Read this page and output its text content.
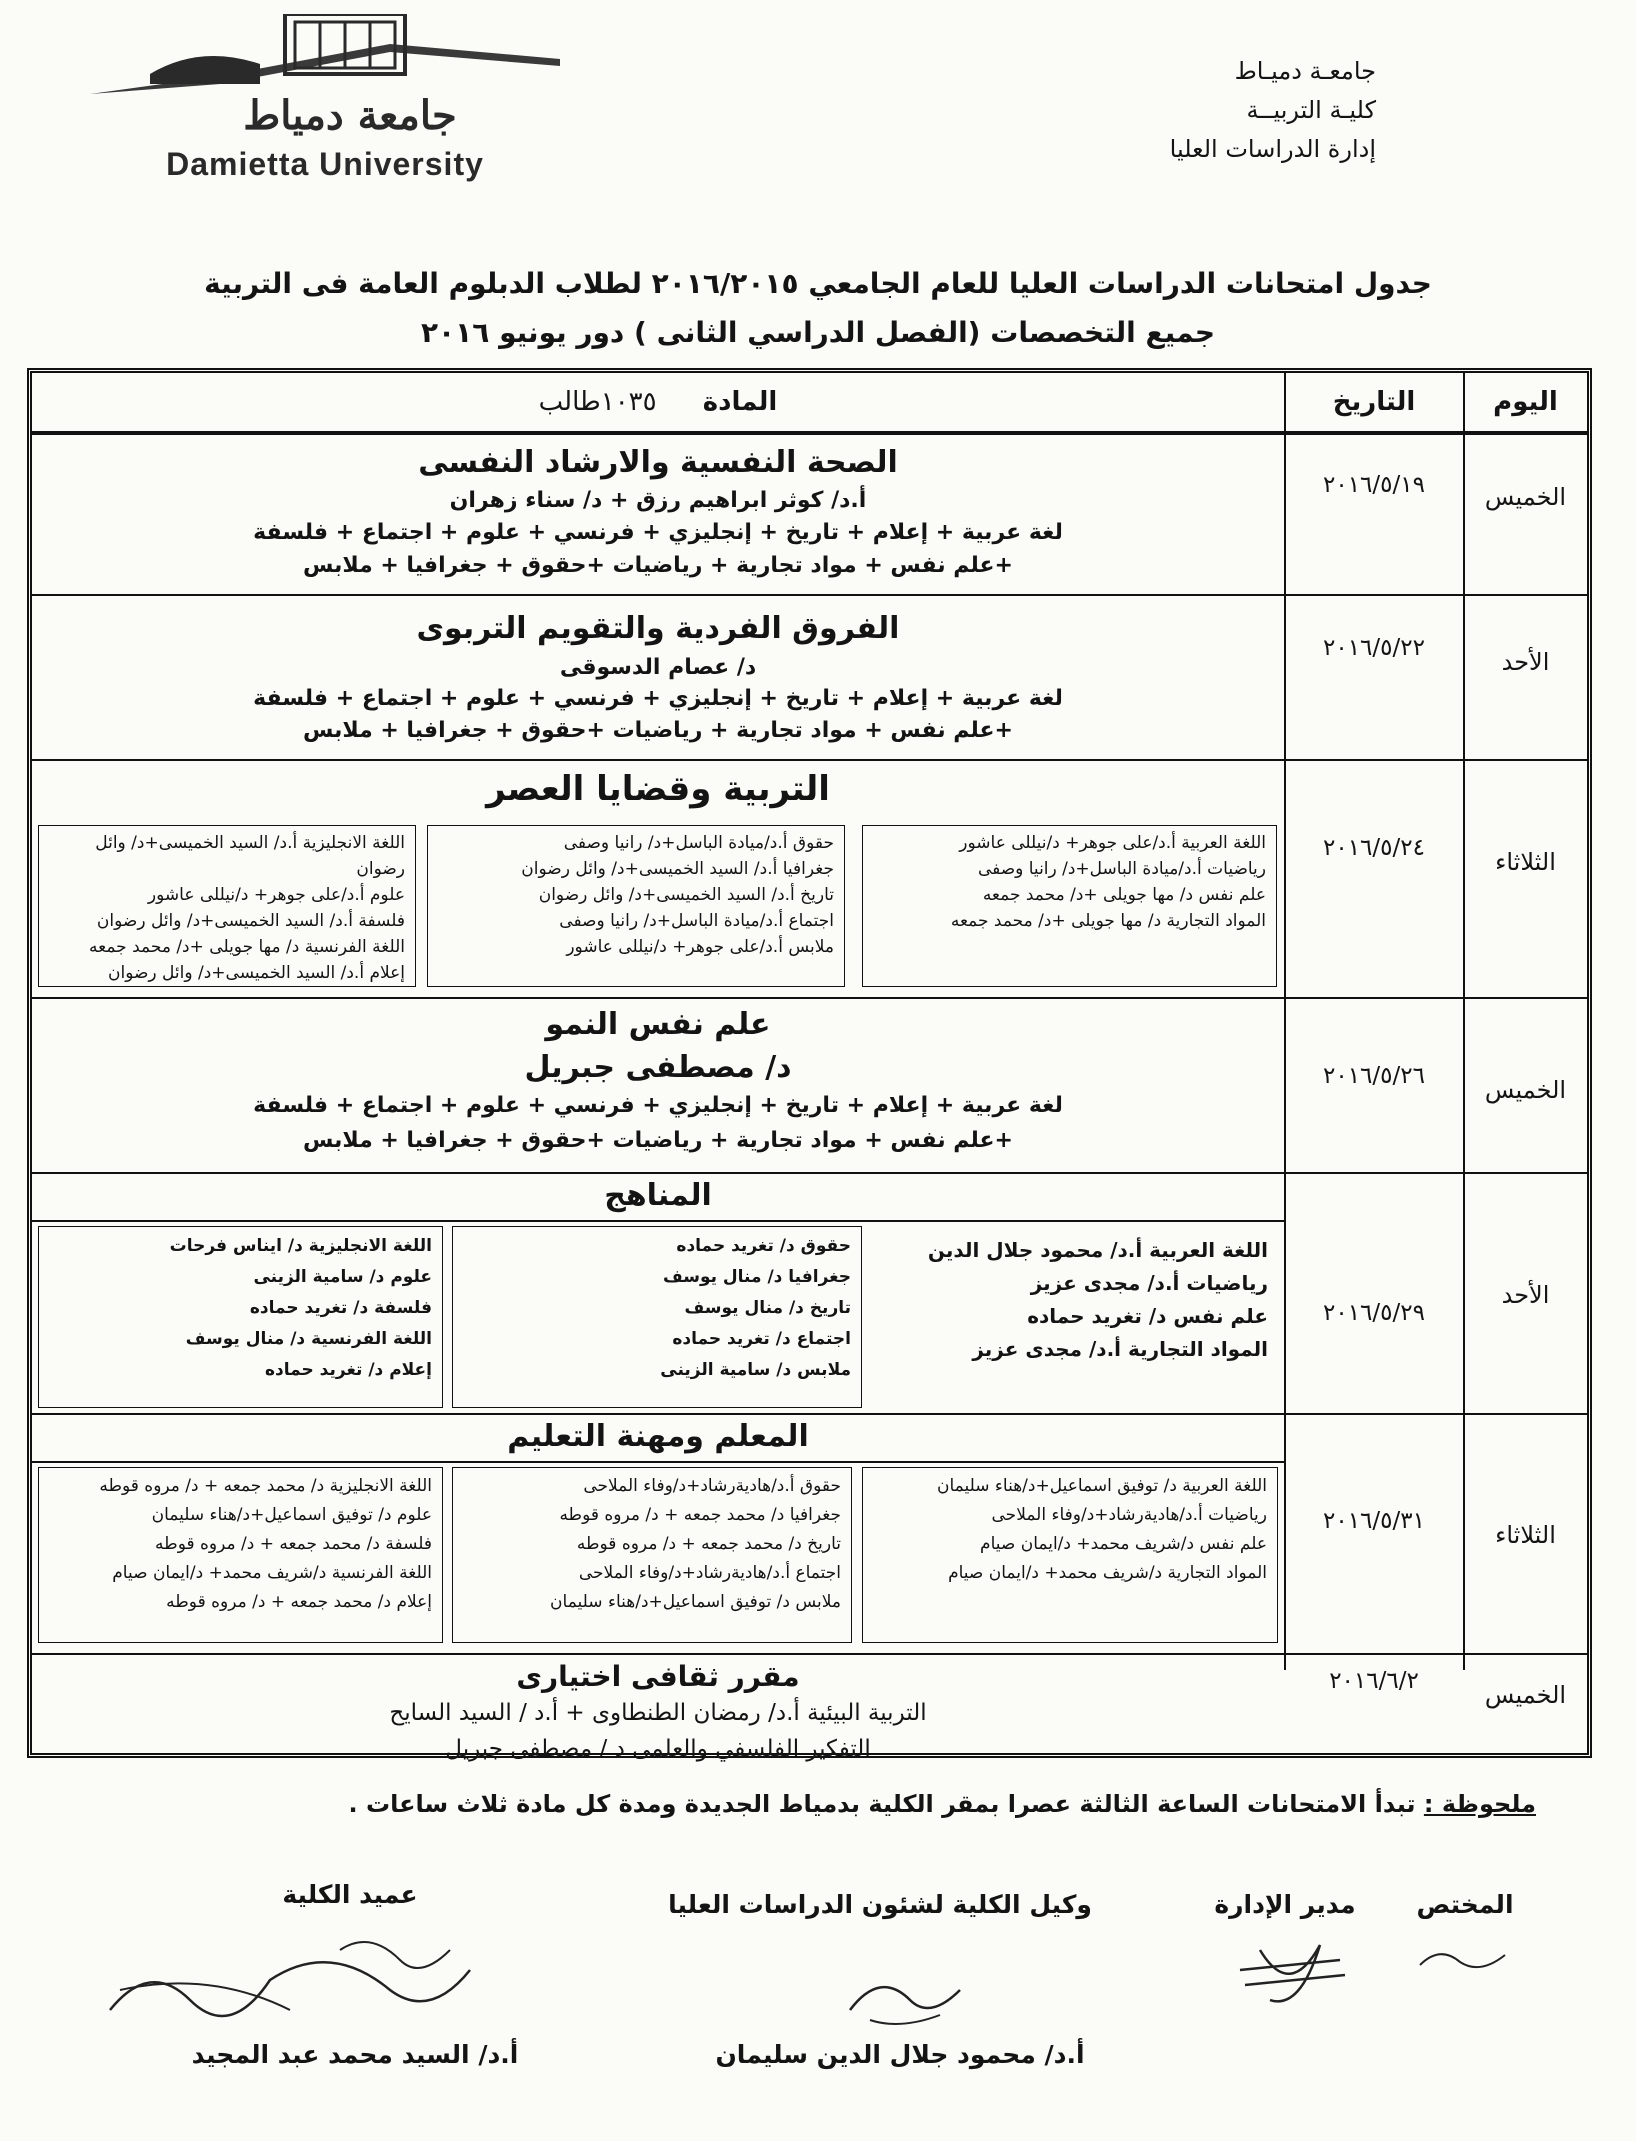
جامعة دمياط
Damietta University
جامعـة دميـاط
كليـة التربيــة
إدارة الدراسات العليا
جدول امتحانات الدراسات العليا للعام الجامعي ٢٠١٦/٢٠١٥ لطلاب الدبلوم العامة فى التربية
جميع التخصصات (الفصل الدراسي الثانى ) دور يونيو ٢٠١٦
اليوم
التاريخ
المادة  ١٠٣٥طالب
الخميس
٢٠١٦/٥/١٩
الصحة النفسية والارشاد النفسى
أ.د/ كوثر ابراهيم رزق + د/ سناء زهران
لغة عربية + إعلام + تاريخ + إنجليزي + فرنسي + علوم + اجتماع + فلسفة
+علم نفس + مواد تجارية + رياضيات +حقوق + جغرافيا + ملابس
الأحد
٢٠١٦/٥/٢٢
الفروق الفردية والتقويم التربوى
د/ عصام الدسوقى
لغة عربية + إعلام + تاريخ + إنجليزي + فرنسي + علوم + اجتماع + فلسفة
+علم نفس + مواد تجارية + رياضيات +حقوق + جغرافيا + ملابس
الثلاثاء
٢٠١٦/٥/٢٤
التربية وقضايا العصر
اللغة العربية أ.د/على جوهر+ د/نيللى عاشور
رياضيات أ.د/ميادة الباسل+د/ رانيا وصفى
علم نفس د/ مها جويلى +د/ محمد جمعه
المواد التجارية د/ مها جويلى +د/ محمد جمعه
حقوق أ.د/ميادة الباسل+د/ رانيا وصفى
جغرافيا أ.د/ السيد الخميسى+د/ وائل رضوان
تاريخ أ.د/ السيد الخميسى+د/ وائل رضوان
اجتماع أ.د/ميادة الباسل+د/ رانيا وصفى
ملابس أ.د/على جوهر+ د/نيللى عاشور
اللغة الانجليزية أ.د/ السيد الخميسى+د/ وائل رضوان
علوم أ.د/على جوهر+ د/نيللى عاشور
فلسفة أ.د/ السيد الخميسى+د/ وائل رضوان
اللغة الفرنسية د/ مها جويلى +د/ محمد جمعه
إعلام أ.د/ السيد الخميسى+د/ وائل رضوان
الخميس
٢٠١٦/٥/٢٦
علم نفس النمو
د/ مصطفى جبريل
لغة عربية + إعلام + تاريخ + إنجليزي + فرنسي + علوم + اجتماع + فلسفة
+علم نفس + مواد تجارية + رياضيات +حقوق + جغرافيا + ملابس
الأحد
٢٠١٦/٥/٢٩
المناهج
اللغة العربية أ.د/ محمود جلال الدين
رياضيات أ.د/ مجدى عزيز
علم نفس د/ تغريد حماده
المواد التجارية أ.د/ مجدى عزيز
حقوق د/ تغريد حماده
جغرافيا د/ منال يوسف
تاريخ د/ منال يوسف
اجتماع د/ تغريد حماده
ملابس د/ سامية الزينى
اللغة الانجليزية د/ ايناس فرحات
علوم د/ سامية الزينى
فلسفة د/ تغريد حماده
اللغة الفرنسية د/ منال يوسف
إعلام د/ تغريد حماده
الثلاثاء
٢٠١٦/٥/٣١
المعلم ومهنة التعليم
اللغة العربية د/ توفيق اسماعيل+د/هناء سليمان
رياضيات أ.د/هاديةرشاد+د/وفاء الملاحى
علم نفس د/شريف محمد+ د/ايمان صيام
المواد التجارية د/شريف محمد+ د/ايمان صيام
حقوق أ.د/هاديةرشاد+د/وفاء الملاحى
جغرافيا د/ محمد جمعه + د/ مروه قوطه
تاريخ د/ محمد جمعه + د/ مروه قوطه
اجتماع أ.د/هاديةرشاد+د/وفاء الملاحى
ملابس د/ توفيق اسماعيل+د/هناء سليمان
اللغة الانجليزية د/ محمد جمعه + د/ مروه قوطه
علوم د/ توفيق اسماعيل+د/هناء سليمان
فلسفة د/ محمد جمعه + د/ مروه قوطه
اللغة الفرنسية د/شريف محمد+ د/ايمان صيام
إعلام د/ محمد جمعه + د/ مروه قوطه
الخميس
٢٠١٦/٦/٢
مقرر ثقافى اختيارى
ملحوظة : تبدأ الامتحانات الساعة الثالثة عصرا بمقر الكلية بدمياط الجديدة ومدة كل مادة ثلاث ساعات .
المختص
مدير الإدارة
وكيل الكلية لشئون الدراسات العليا
أ.د/ محمود جلال الدين سليمان
عميد الكلية
أ.د/ السيد محمد عبد المجيد
التربية البيئية أ.د/ رمضان الطنطاوى + أ.د / السيد السايح
التفكير الفلسفي والعلمى د / مصطفى جبريل
